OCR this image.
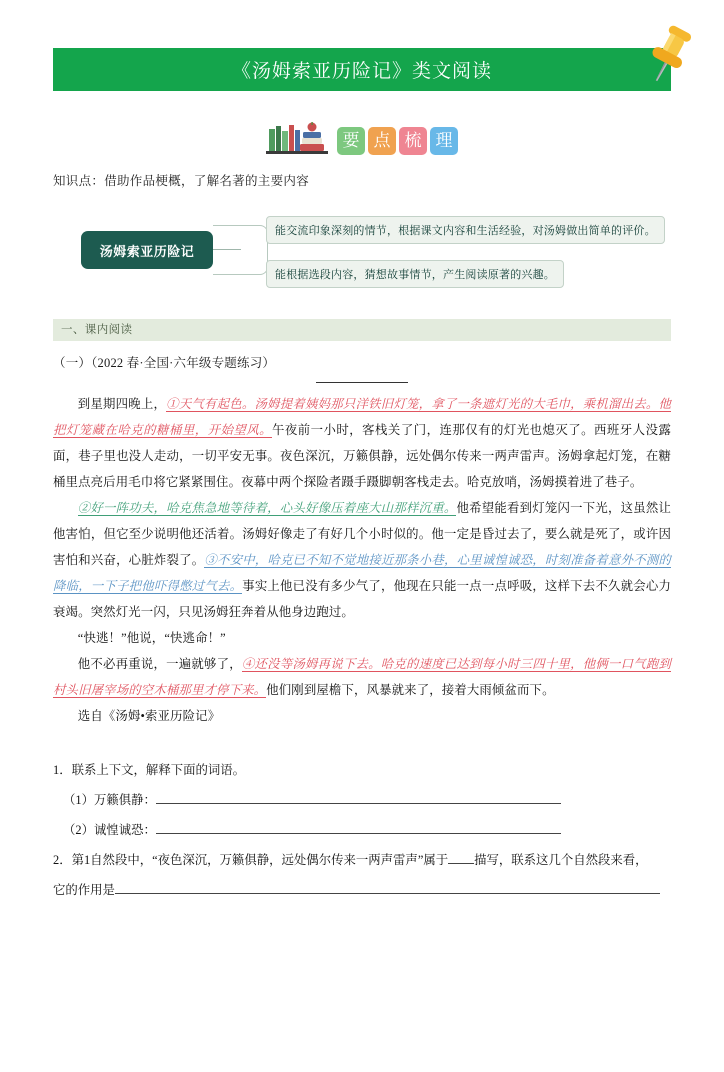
《汤姆索亚历险记》类文阅读
要 点 梳 理
知识点：借助作品梗概，了解名著的主要内容
汤姆索亚历险记
能交流印象深刻的情节，根据课文内容和生活经验，对汤姆做出简单的评价。
能根据选段内容，猜想故事情节，产生阅读原著的兴趣。
一、课内阅读
（一）（2022 春·全国·六年级专题练习）

到星期四晚上，①天气有起色。汤姆提着姨妈那只洋铁旧灯笼，拿了一条遮灯光的大毛巾，乘机溜出去。他把灯笼藏在哈克的糖桶里，开始望风。午夜前一小时，客栈关了门，连那仅有的灯光也熄灭了。西班牙人没露面，巷子里也没人走动，一切平安无事。夜色深沉，万籁俱静，远处偶尔传来一两声雷声。汤姆拿起灯笼，在糖桶里点亮后用毛巾将它紧紧围住。夜幕中两个探险者蹑手蹑脚朝客栈走去。哈克放哨，汤姆摸着进了巷子。

②好一阵功夫，哈克焦急地等待着，心头好像压着座大山那样沉重。他希望能看到灯笼闪一下光，这虽然让他害怕，但它至少说明他还活着。汤姆好像走了有好几个小时似的。他一定是昏过去了，要么就是死了，或许因害怕和兴奋，心脏炸裂了。③不安中，哈克已不知不觉地接近那条小巷，心里诚惶诚恐，时刻准备着意外不测的降临，一下子把他吓得憋过气去。事实上他已没有多少气了，他现在只能一点一点呼吸，这样下去不久就会心力衰竭。突然灯光一闪，只见汤姆狂奔着从他身边跑过。

“快逃！”他说，“快逃命！”

他不必再重说，一遍就够了，④还没等汤姆再说下去。哈克的速度已达到每小时三四十里，他俩一口气跑到村头旧屠宰场的空木桶那里才停下来。他们刚到屋檐下，风暴就来了，接着大雨倾盆而下。

选自《汤姆•索亚历险记》

1．联系上下文，解释下面的词语。

（1）万籁俱静：

（2）诚惶诚恐：

2．第1自然段中，“夜色深沉，万籁俱静，远处偶尔传来一两声雷声”属于 描写，联系这几个自然段来看，

它的作用是
